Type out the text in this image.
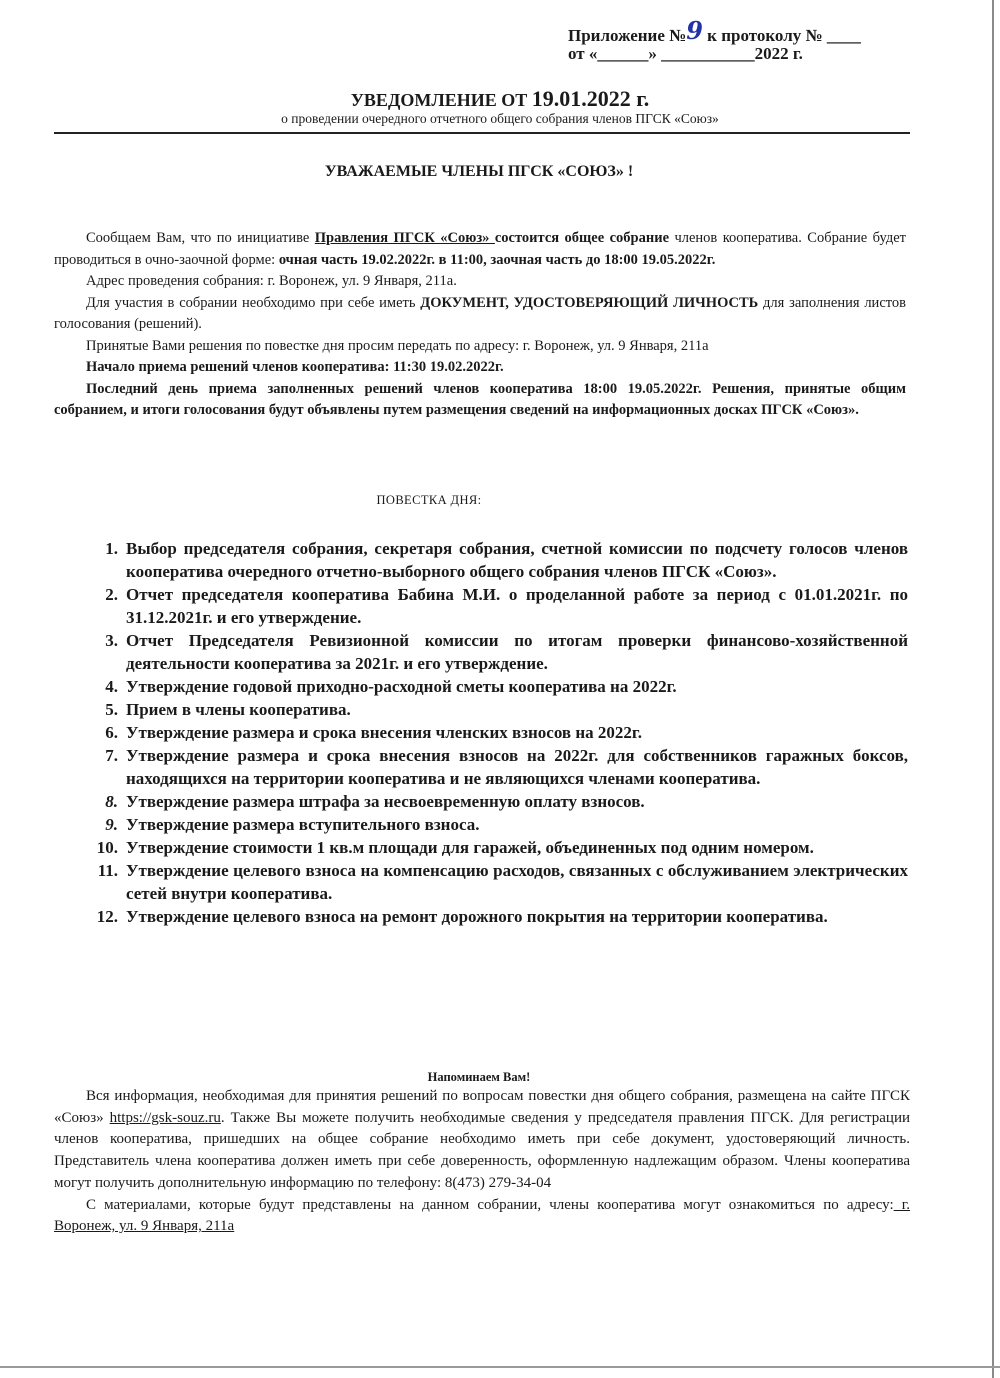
Приложение №9 к протоколу № ____
от «______» ___________2022 г.
УВЕДОМЛЕНИЕ ОТ 19.01.2022 г.
о проведении очередного отчетного общего собрания членов ПГСК «Союз»
УВАЖАЕМЫЕ ЧЛЕНЫ ПГСК «СОЮЗ» !

Сообщаем Вам, что по инициативе Правления ПГСК «Союз» состоится общее собрание членов кооператива. Собрание будет проводиться в очно-заочной форме: очная часть 19.02.2022г. в 11:00, заочная часть до 18:00 19.05.2022г.

Адрес проведения собрания: г. Воронеж, ул. 9 Января, 211а.

Для участия в собрании необходимо при себе иметь ДОКУМЕНТ, УДОСТОВЕРЯЮЩИЙ ЛИЧНОСТЬ для заполнения листов голосования (решений).

Принятые Вами решения по повестке дня просим передать по адресу: г. Воронеж, ул. 9 Января, 211а

Начало приема решений членов кооператива: 11:30 19.02.2022г.

Последний день приема заполненных решений членов кооператива 18:00 19.05.2022г. Решения, принятые общим собранием, и итоги голосования будут объявлены путем размещения сведений на информационных досках ПГСК «Союз».

ПОВЕСТКА ДНЯ:
1. Выбор председателя собрания, секретаря собрания, счетной комиссии по подсчету голосов членов кооператива очередного отчетно-выборного общего собрания членов ПГСК «Союз».
2. Отчет председателя кооператива Бабина М.И. о проделанной работе за период с 01.01.2021г. по 31.12.2021г. и его утверждение.
3. Отчет Председателя Ревизионной комиссии по итогам проверки финансово-хозяйственной деятельности кооператива за 2021г. и его утверждение.
4. Утверждение годовой приходно-расходной сметы кооператива на 2022г.
5. Прием в члены кооператива.
6. Утверждение размера и срока внесения членских взносов на 2022г.
7. Утверждение размера и срока внесения взносов на 2022г. для собственников гаражных боксов, находящихся на территории кооператива и не являющихся членами кооператива.
8. Утверждение размера штрафа за несвоевременную оплату взносов.
9. Утверждение размера вступительного взноса.
10. Утверждение стоимости 1 кв.м площади для гаражей, объединенных под одним номером.
11. Утверждение целевого взноса на компенсацию расходов, связанных с обслуживанием электрических сетей внутри кооператива.
12. Утверждение целевого взноса на ремонт дорожного покрытия на территории кооператива.
Напоминаем Вам!

Вся информация, необходимая для принятия решений по вопросам повестки дня общего собрания, размещена на сайте ПГСК «Союз» https://gsk-souz.ru. Также Вы можете получить необходимые сведения у председателя правления ПГСК. Для регистрации членов кооператива, пришедших на общее собрание необходимо иметь при себе документ, удостоверяющий личность. Представитель члена кооператива должен иметь при себе доверенность, оформленную надлежащим образом. Члены кооператива могут получить дополнительную информацию по телефону: 8(473) 279-34-04

С материалами, которые будут представлены на данном собрании, члены кооператива могут ознакомиться по адресу: г. Воронеж, ул. 9 Января, 211а
